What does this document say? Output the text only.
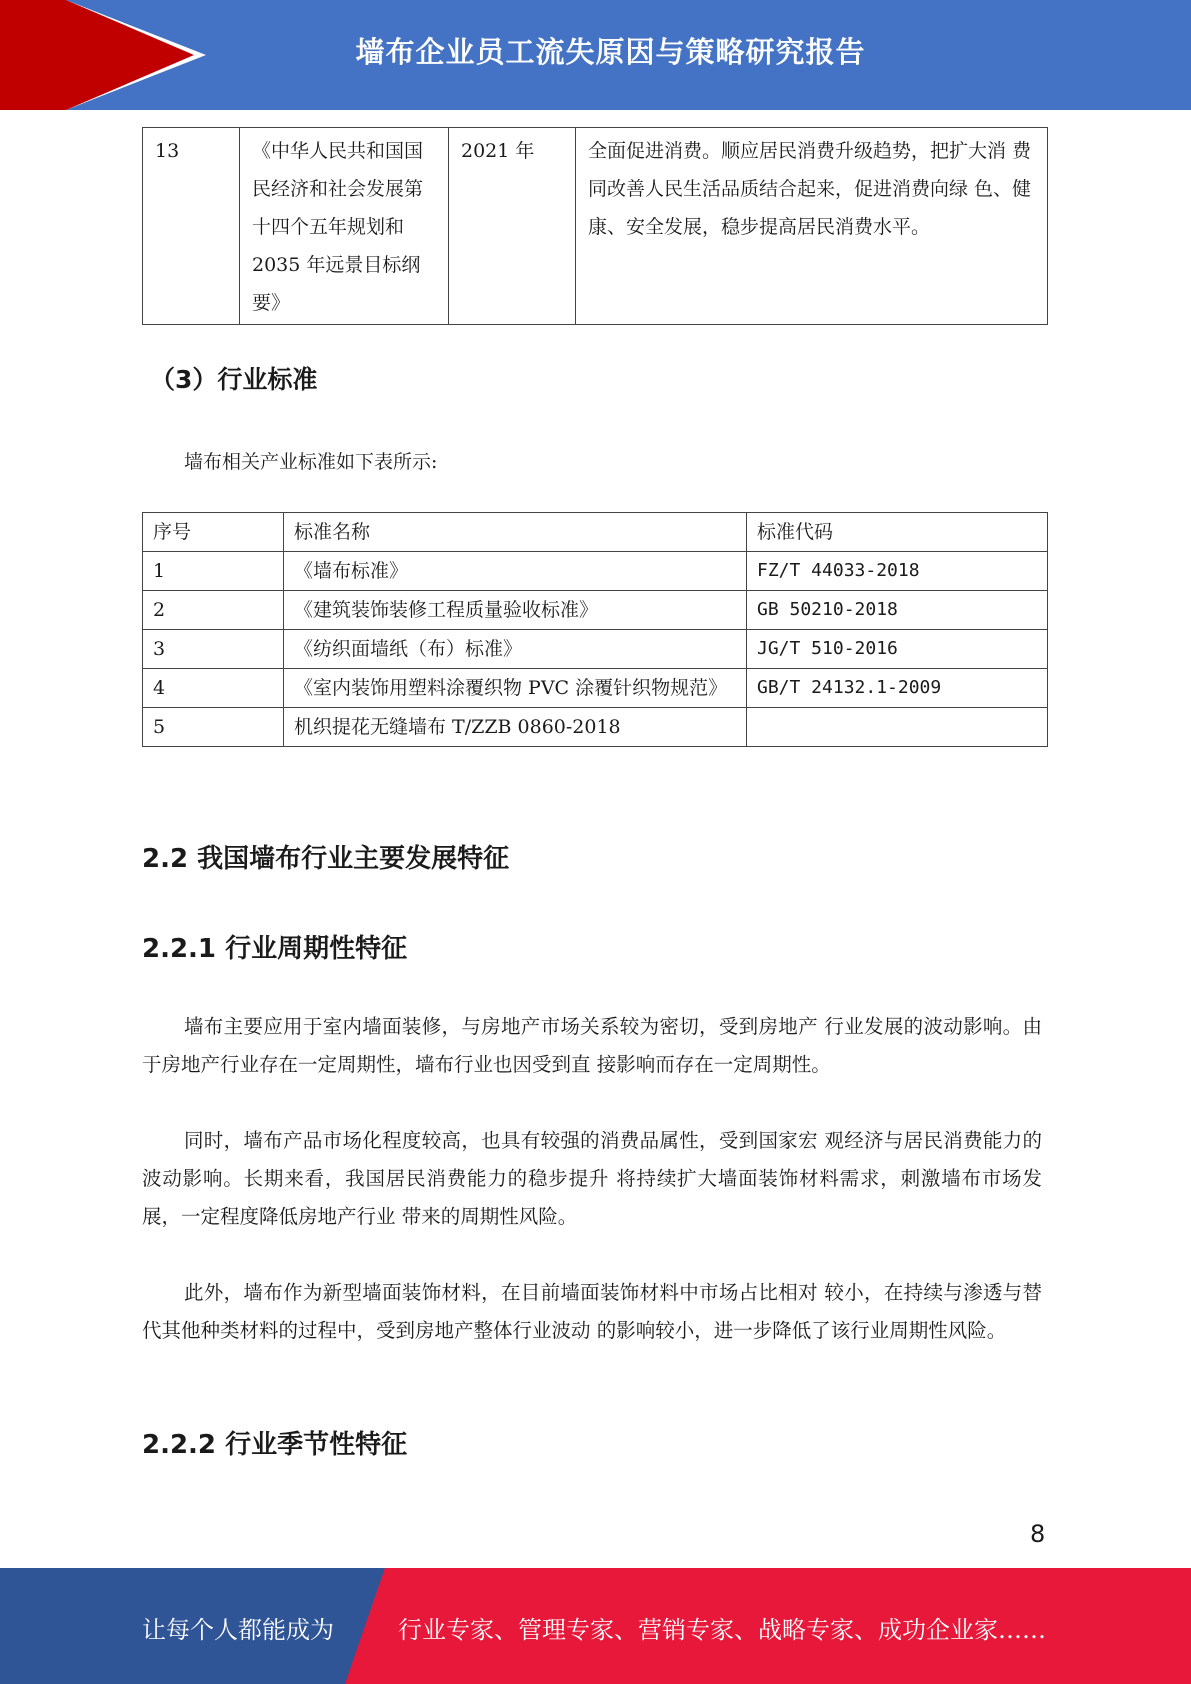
墙布企业员工流失原因与策略研究报告
13	《中华人民共和国国民经济和社会发展第十四个五年规划和 2035 年远景目标纲要》	2021 年	全面促进消费。顺应居民消费升级趋势，把扩大消 费同改善人民生活品质结合起来，促进消费向绿 色、健康、安全发展，稳步提高居民消费水平。
（3）行业标准
墙布相关产业标准如下表所示:
序号	标准名称	标准代码
1	《墙布标准》	FZ/T 44033-2018
2	《建筑装饰装修工程质量验收标准》	GB 50210-2018
3	《纺织面墙纸（布）标准》	JG/T 510-2016
4	《室内装饰用塑料涂覆织物 PVC 涂覆针织物规范》	GB/T 24132.1-2009
5	机织提花无缝墙布 T/ZZB 0860-2018	
2.2 我国墙布行业主要发展特征
2.2.1 行业周期性特征

墙布主要应用于室内墙面装修，与房地产市场关系较为密切，受到房地产 行业发展的波动影响。由于房地产行业存在一定周期性，墙布行业也因受到直 接影响而存在一定周期性。

同时，墙布产品市场化程度较高，也具有较强的消费品属性，受到国家宏 观经济与居民消费能力的波动影响。长期来看，我国居民消费能力的稳步提升 将持续扩大墙面装饰材料需求，刺激墙布市场发展，一定程度降低房地产行业 带来的周期性风险。

此外，墙布作为新型墙面装饰材料，在目前墙面装饰材料中市场占比相对 较小，在持续与渗透与替代其他种类材料的过程中，受到房地产整体行业波动 的影响较小，进一步降低了该行业周期性风险。

2.2.2 行业季节性特征
8
让每个人都能成为	行业专家、管理专家、营销专家、战略专家、成功企业家……
